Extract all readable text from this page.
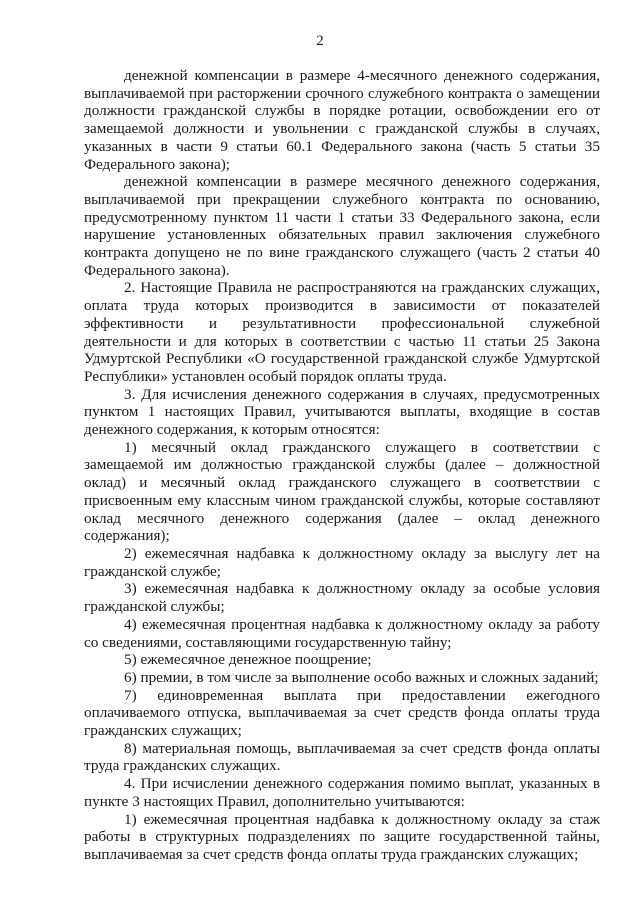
2

денежной компенсации в размере 4-месячного денежного содержания, выплачиваемой при расторжении срочного служебного контракта о замещении должности гражданской службы в порядке ротации, освобождении его от замещаемой должности и увольнении с гражданской службы в случаях, указанных в части 9 статьи 60.1 Федерального закона (часть 5 статьи 35 Федерального закона);

денежной компенсации в размере месячного денежного содержания, выплачиваемой при прекращении служебного контракта по основанию, предусмотренному пунктом 11 части 1 статьи 33 Федерального закона, если нарушение установленных обязательных правил заключения служебного контракта допущено не по вине гражданского служащего (часть 2 статьи 40 Федерального закона).

2. Настоящие Правила не распространяются на гражданских служащих, оплата труда которых производится в зависимости от показателей эффективности и результативности профессиональной служебной деятельности и для которых в соответствии с частью 11 статьи 25 Закона Удмуртской Республики «О государственной гражданской службе Удмуртской Республики» установлен особый порядок оплаты труда.

3. Для исчисления денежного содержания в случаях, предусмотренных пунктом 1 настоящих Правил, учитываются выплаты, входящие в состав денежного содержания, к которым относятся:

1) месячный оклад гражданского служащего в соответствии с замещаемой им должностью гражданской службы (далее – должностной оклад) и месячный оклад гражданского служащего в соответствии с присвоенным ему классным чином гражданской службы, которые составляют оклад месячного денежного содержания (далее – оклад денежного содержания);

2) ежемесячная надбавка к должностному окладу за выслугу лет на гражданской службе;

3) ежемесячная надбавка к должностному окладу за особые условия гражданской службы;

4) ежемесячная процентная надбавка к должностному окладу за работу со сведениями, составляющими государственную тайну;

5) ежемесячное денежное поощрение;

6) премии, в том числе за выполнение особо важных и сложных заданий;

7) единовременная выплата при предоставлении ежегодного оплачиваемого отпуска, выплачиваемая за счет средств фонда оплаты труда гражданских служащих;

8) материальная помощь, выплачиваемая за счет средств фонда оплаты труда гражданских служащих.

4. При исчислении денежного содержания помимо выплат, указанных в пункте 3 настоящих Правил, дополнительно учитываются:

1) ежемесячная процентная надбавка к должностному окладу за стаж работы в структурных подразделениях по защите государственной тайны, выплачиваемая за счет средств фонда оплаты труда гражданских служащих;
